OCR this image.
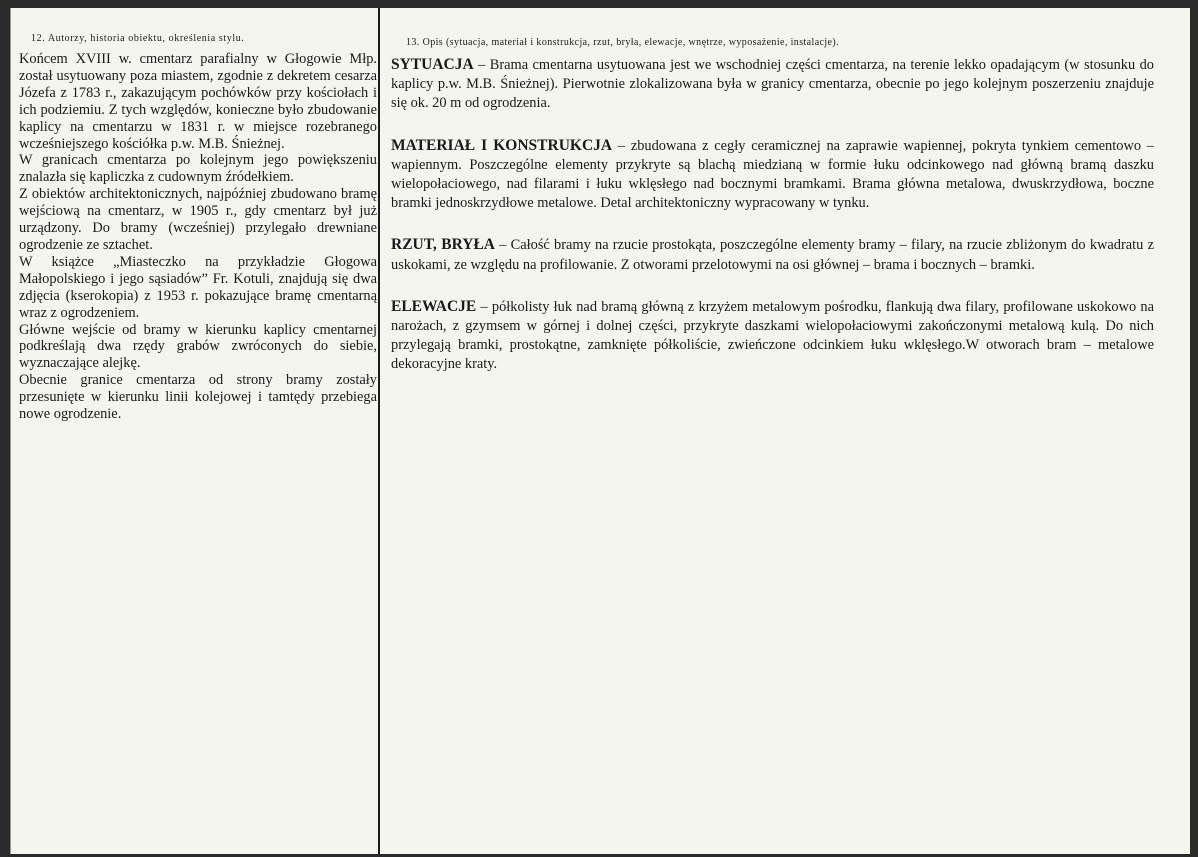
12. Autorzy, historia obiektu, określenia stylu.	13. Opis (sytuacja, materiał i konstrukcja, rzut, bryła, elewacje, wnętrze, wyposażenie, instalacje).

Końcem XVIII w. cmentarz parafialny w Głogowie Młp. został usytuowany poza miastem, zgodnie z dekretem cesarza Józefa z 1783 r., zakazującym pochówków przy kościołach i ich podziemiu. Z tych względów, konieczne było zbudowanie kaplicy na cmentarzu w 1831 r. w miejsce rozebranego wcześniejszego kościółka p.w. M.B. Śnieżnej.

W granicach cmentarza po kolejnym jego powiększeniu znalazła się kapliczka z cudownym źródełkiem.

Z obiektów architektonicznych, najpóźniej zbudowano bramę wejściową na cmentarz, w 1905 r., gdy cmentarz był już urządzony. Do bramy (wcześniej) przylegało drewniane ogrodzenie ze sztachet.

W książce „Miasteczko na przykładzie Głogowa Małopolskiego i jego sąsiadów” Fr. Kotuli, znajdują się dwa zdjęcia (kserokopia) z 1953 r. pokazujące bramę cmentarną wraz z ogrodzeniem.

Główne wejście od bramy w kierunku kaplicy cmentarnej podkreślają dwa rzędy grabów zwróconych do siebie, wyznaczające alejkę.

Obecnie granice cmentarza od strony bramy zostały przesunięte w kierunku linii kolejowej i tamtędy przebiega nowe ogrodzenie.

SYTUACJA – Brama cmentarna usytuowana jest we wschodniej części cmentarza, na terenie lekko opadającym (w stosunku do kaplicy p.w. M.B. Śnieżnej). Pierwotnie zlokalizowana była w granicy cmentarza, obecnie po jego kolejnym poszerzeniu znajduje się ok. 20 m od ogrodzenia.

MATERIAŁ I KONSTRUKCJA – zbudowana z cegły ceramicznej na zaprawie wapiennej, pokryta tynkiem cementowo – wapiennym. Poszczególne elementy przykryte są blachą miedzianą w formie łuku odcinkowego nad główną bramą daszku wielopołaciowego, nad filarami i łuku wklęsłego nad bocznymi bramkami. Brama główna metalowa, dwuskrzydłowa, boczne bramki jednoskrzydłowe metalowe. Detal architektoniczny wypracowany w tynku.

RZUT, BRYŁA – Całość bramy na rzucie prostokąta, poszczególne elementy bramy – filary, na rzucie zbliżonym do kwadratu z uskokami, ze względu na profilowanie. Z otworami przelotowymi na osi głównej – brama i bocznych – bramki.

ELEWACJE – półkolisty łuk nad bramą główną z krzyżem metalowym pośrodku, flankują dwa filary, profilowane uskokowo na narożach, z gzymsem w górnej i dolnej części, przykryte daszkami wielopołaciowymi zakończonymi metalową kulą. Do nich przylegają bramki, prostokątne, zamknięte półkoliście, zwieńczone odcinkiem łuku wklęsłego.W otworach bram – metalowe dekoracyjne kraty.
